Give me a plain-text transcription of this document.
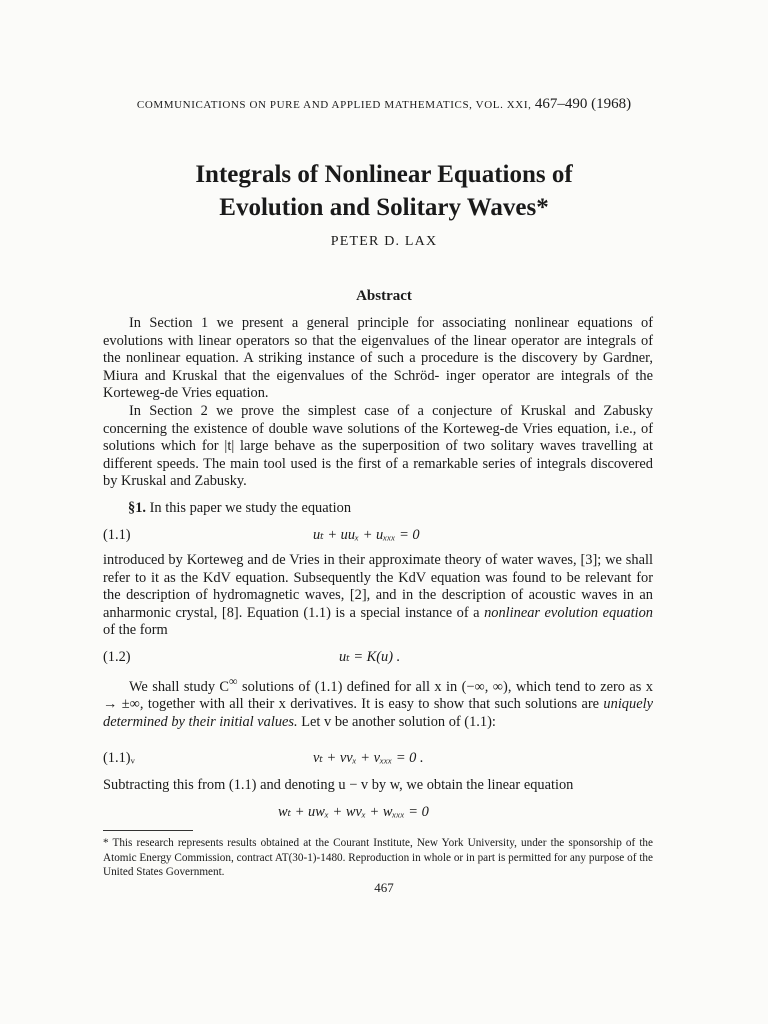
COMMUNICATIONS ON PURE AND APPLIED MATHEMATICS, VOL. XXI, 467–490 (1968)
Integrals of Nonlinear Equations of
Evolution and Solitary Waves*
PETER D. LAX
Abstract
In Section 1 we present a general principle for associating nonlinear equations of evolutions with linear operators so that the eigenvalues of the linear operator are integrals of the nonlinear equation. A striking instance of such a procedure is the discovery by Gardner, Miura and Kruskal that the eigenvalues of the Schröd- inger operator are integrals of the Korteweg-de Vries equation.
In Section 2 we prove the simplest case of a conjecture of Kruskal and Zabusky concerning the existence of double wave solutions of the Korteweg-de Vries equation, i.e., of solutions which for |t| large behave as the superposition of two solitary waves travelling at different speeds. The main tool used is the first of a remarkable series of integrals discovered by Kruskal and Zabusky.
§1. In this paper we study the equation
(1.1)	uₜ + uuₓ + uₓₓₓ = 0
introduced by Korteweg and de Vries in their approximate theory of water waves, [3]; we shall refer to it as the KdV equation. Subsequently the KdV equation was found to be relevant for the description of hydromagnetic waves, [2], and in the description of acoustic waves in an anharmonic crystal, [8]. Equation (1.1) is a special instance of a nonlinear evolution equation of the form
(1.2)	uₜ = K(u) .
We shall study C∞ solutions of (1.1) defined for all x in (−∞, ∞), which tend to zero as x → ±∞, together with all their x derivatives. It is easy to show that such solutions are uniquely determined by their initial values. Let v be another solution of (1.1):
(1.1)ᵥ	vₜ + vvₓ + vₓₓₓ = 0 .
Subtracting this from (1.1) and denoting u − v by w, we obtain the linear equation
wₜ + uwₓ + wvₓ + wₓₓₓ = 0
* This research represents results obtained at the Courant Institute, New York University, under the sponsorship of the Atomic Energy Commission, contract AT(30-1)-1480. Reproduction in whole or in part is permitted for any purpose of the United States Government.
467
